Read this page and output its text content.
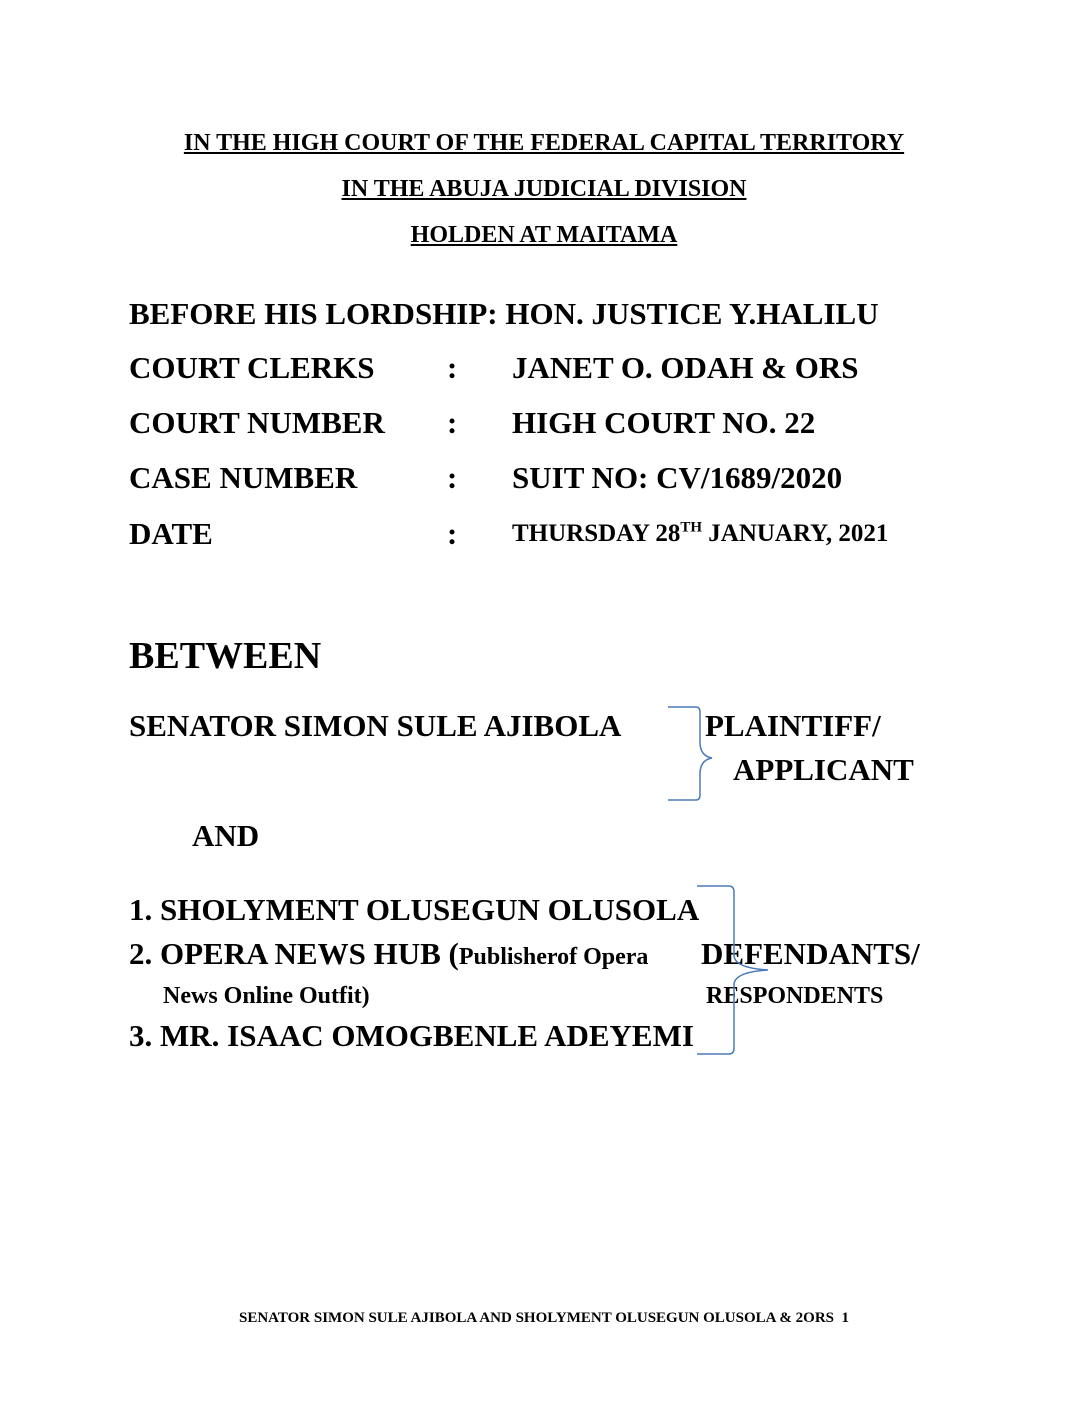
IN THE HIGH COURT OF THE FEDERAL CAPITAL TERRITORY
IN THE ABUJA JUDICIAL DIVISION
HOLDEN AT MAITAMA
BEFORE HIS LORDSHIP: HON. JUSTICE Y.HALILU
COURT CLERKS : JANET O. ODAH & ORS
COURT NUMBER : HIGH COURT NO. 22
CASE NUMBER	: SUIT NO: CV/1689/2020
DATE	: THURSDAY 28TH JANUARY, 2021
BETWEEN
SENATOR SIMON SULE AJIBOLA	PLAINTIFF/
APPLICANT
AND
1. SHOLYMENT OLUSEGUN OLUSOLA
2. OPERA NEWS HUB (Publisherof Opera
News Online Outfit)
DEFENDANTS/
RESPONDENTS
3. MR. ISAAC OMOGBENLE ADEYEMI
SENATOR SIMON SULE AJIBOLA AND SHOLYMENT OLUSEGUN OLUSOLA & 2ORS 1
